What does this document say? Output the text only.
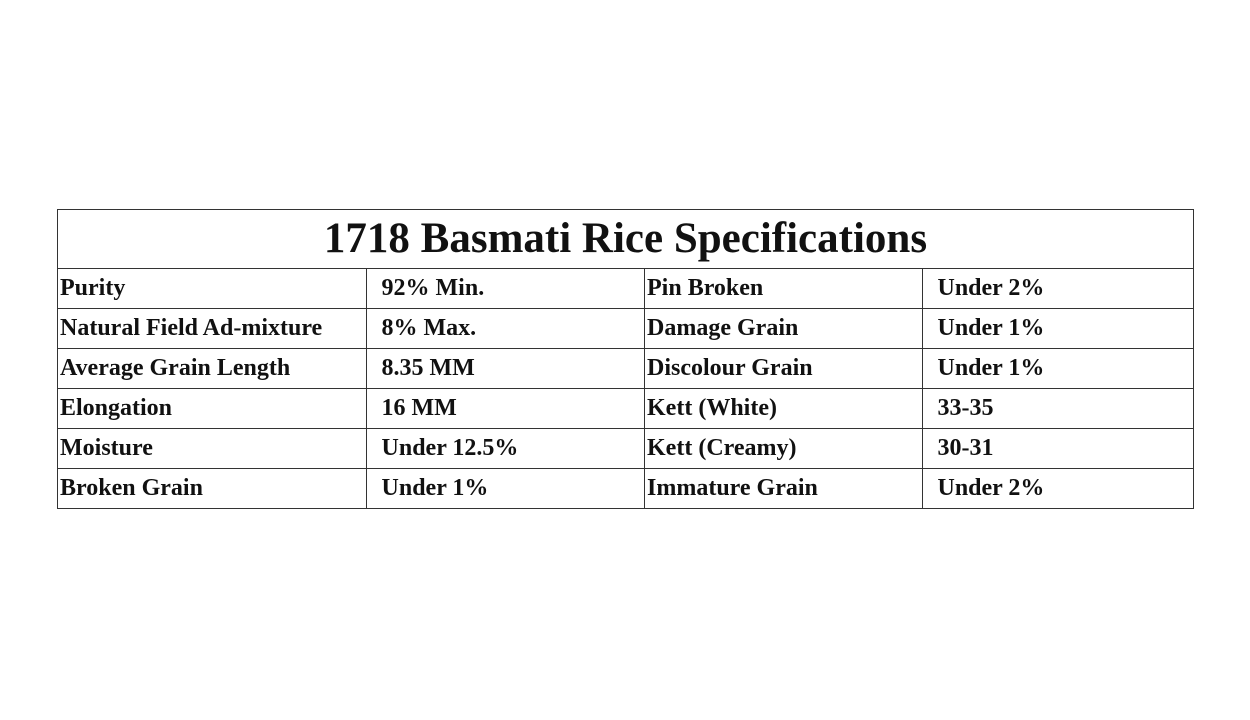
1718 Basmati Rice Specifications			
Purity	92% Min.	Pin Broken	Under 2%
Natural Field Ad-mixture	8% Max.	Damage Grain	Under 1%
Average Grain Length	8.35 MM	Discolour Grain	Under 1%
Elongation	16 MM	Kett (White)	33-35
Moisture	Under 12.5%	Kett (Creamy)	30-31
Broken Grain	Under 1%	Immature Grain	Under 2%
